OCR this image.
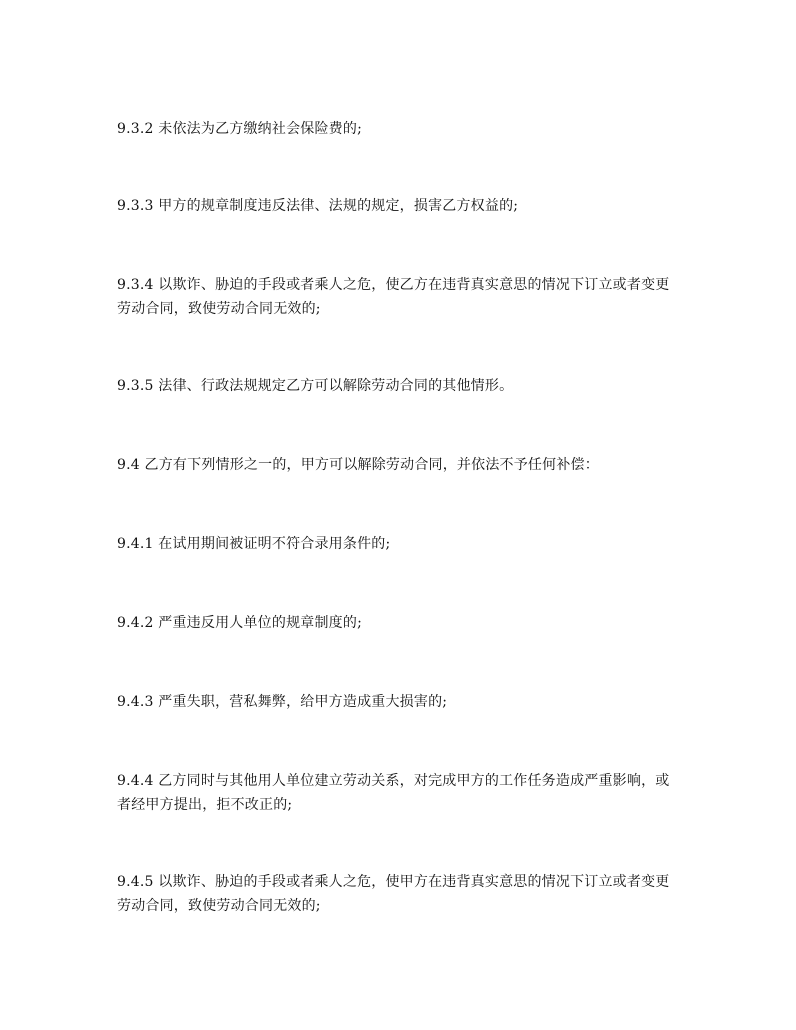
9.3.2 未依法为乙方缴纳社会保险费的;

9.3.3 甲方的规章制度违反法律、法规的规定，损害乙方权益的;

9.3.4 以欺诈、胁迫的手段或者乘人之危，使乙方在违背真实意思的情况下订立或者变更劳动合同，致使劳动合同无效的;

9.3.5 法律、行政法规规定乙方可以解除劳动合同的其他情形。

9.4 乙方有下列情形之一的，甲方可以解除劳动合同，并依法不予任何补偿：

9.4.1 在试用期间被证明不符合录用条件的;

9.4.2 严重违反用人单位的规章制度的;

9.4.3 严重失职，营私舞弊，给甲方造成重大损害的;

9.4.4 乙方同时与其他用人单位建立劳动关系，对完成甲方的工作任务造成严重影响，或者经甲方提出，拒不改正的;

9.4.5 以欺诈、胁迫的手段或者乘人之危，使甲方在违背真实意思的情况下订立或者变更劳动合同，致使劳动合同无效的;
